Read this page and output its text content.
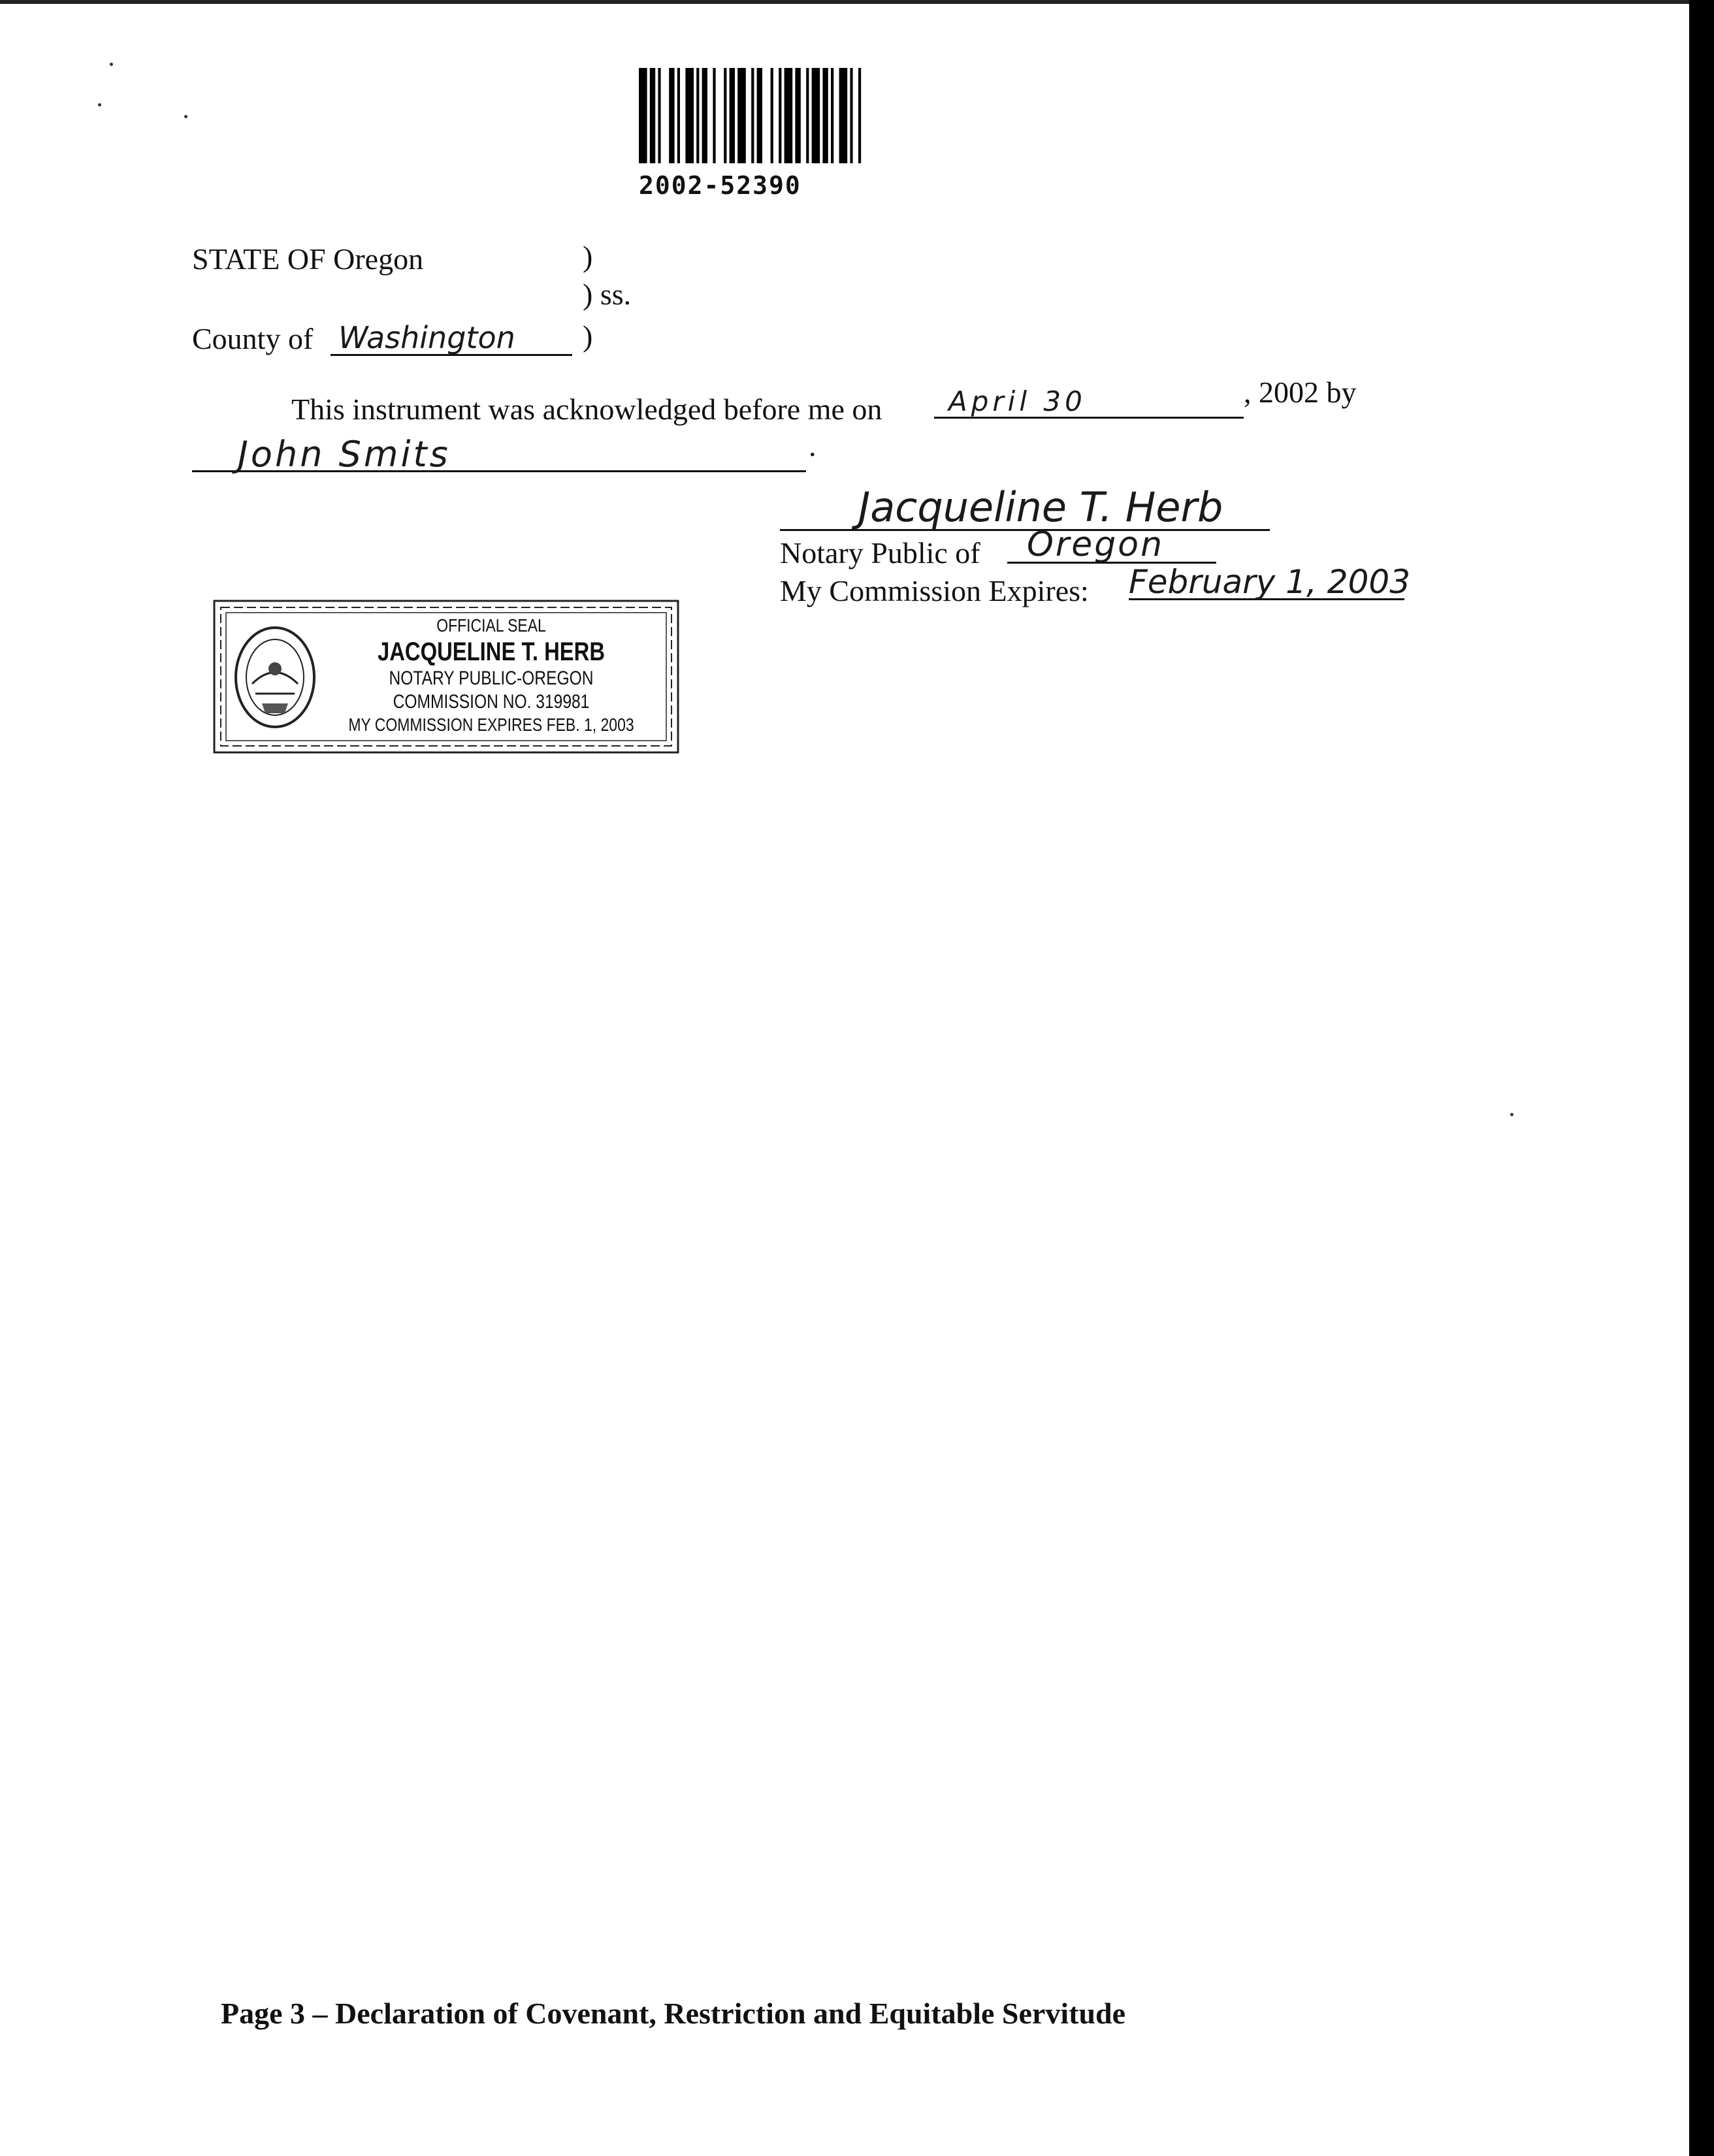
2002-52390
STATE OF Oregon	)
) ss.
County of Washington )
This instrument was acknowledged before me on April 30	, 2002 by
John Smits	.
Jacqueline T. Herb
Notary Public of Oregon
My Commission Expires: February 1, 2003
OFFICIAL SEAL
JACQUELINE T. HERB
NOTARY PUBLIC-OREGON
COMMISSION NO. 319981
MY COMMISSION EXPIRES FEB. 1, 2003
Page 3 – Declaration of Covenant, Restriction and Equitable Servitude
